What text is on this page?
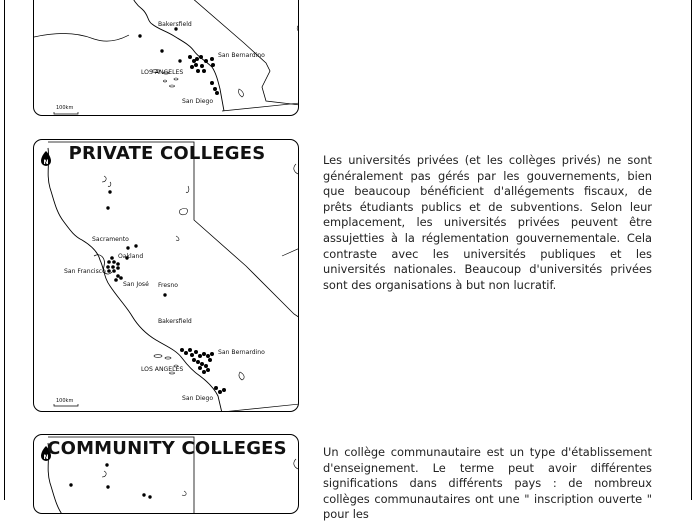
Bakersfield
San Bernardino
LOS ANGELES
San Diego
100km
N
Sacramento
Oakland
San Francisco
San José Fresno
Bakersfield
San Bernardino
LOS ANGELES
San Diego
100km
PRIVATE COLLEGES	Les universités privées (et les collèges privés) ne sont généralement pas gérés par les gouvernements, bien que beaucoup bénéficient d'allégements fiscaux, de prêts étudiants publics et de subventions. Selon leur emplacement, les universités privées peuvent être assujetties à la réglementation gouvernementale. Cela contraste avec les universités publiques et les universités nationales. Beaucoup d'universités privées sont des organisations à but non lucratif.
N
COMMUNITY COLLEGES	Un collège communautaire est un type d'établissement d'enseignement. Le terme peut avoir différentes significations dans différents pays : de nombreux collèges communautaires ont une " inscription ouverte " pour les
